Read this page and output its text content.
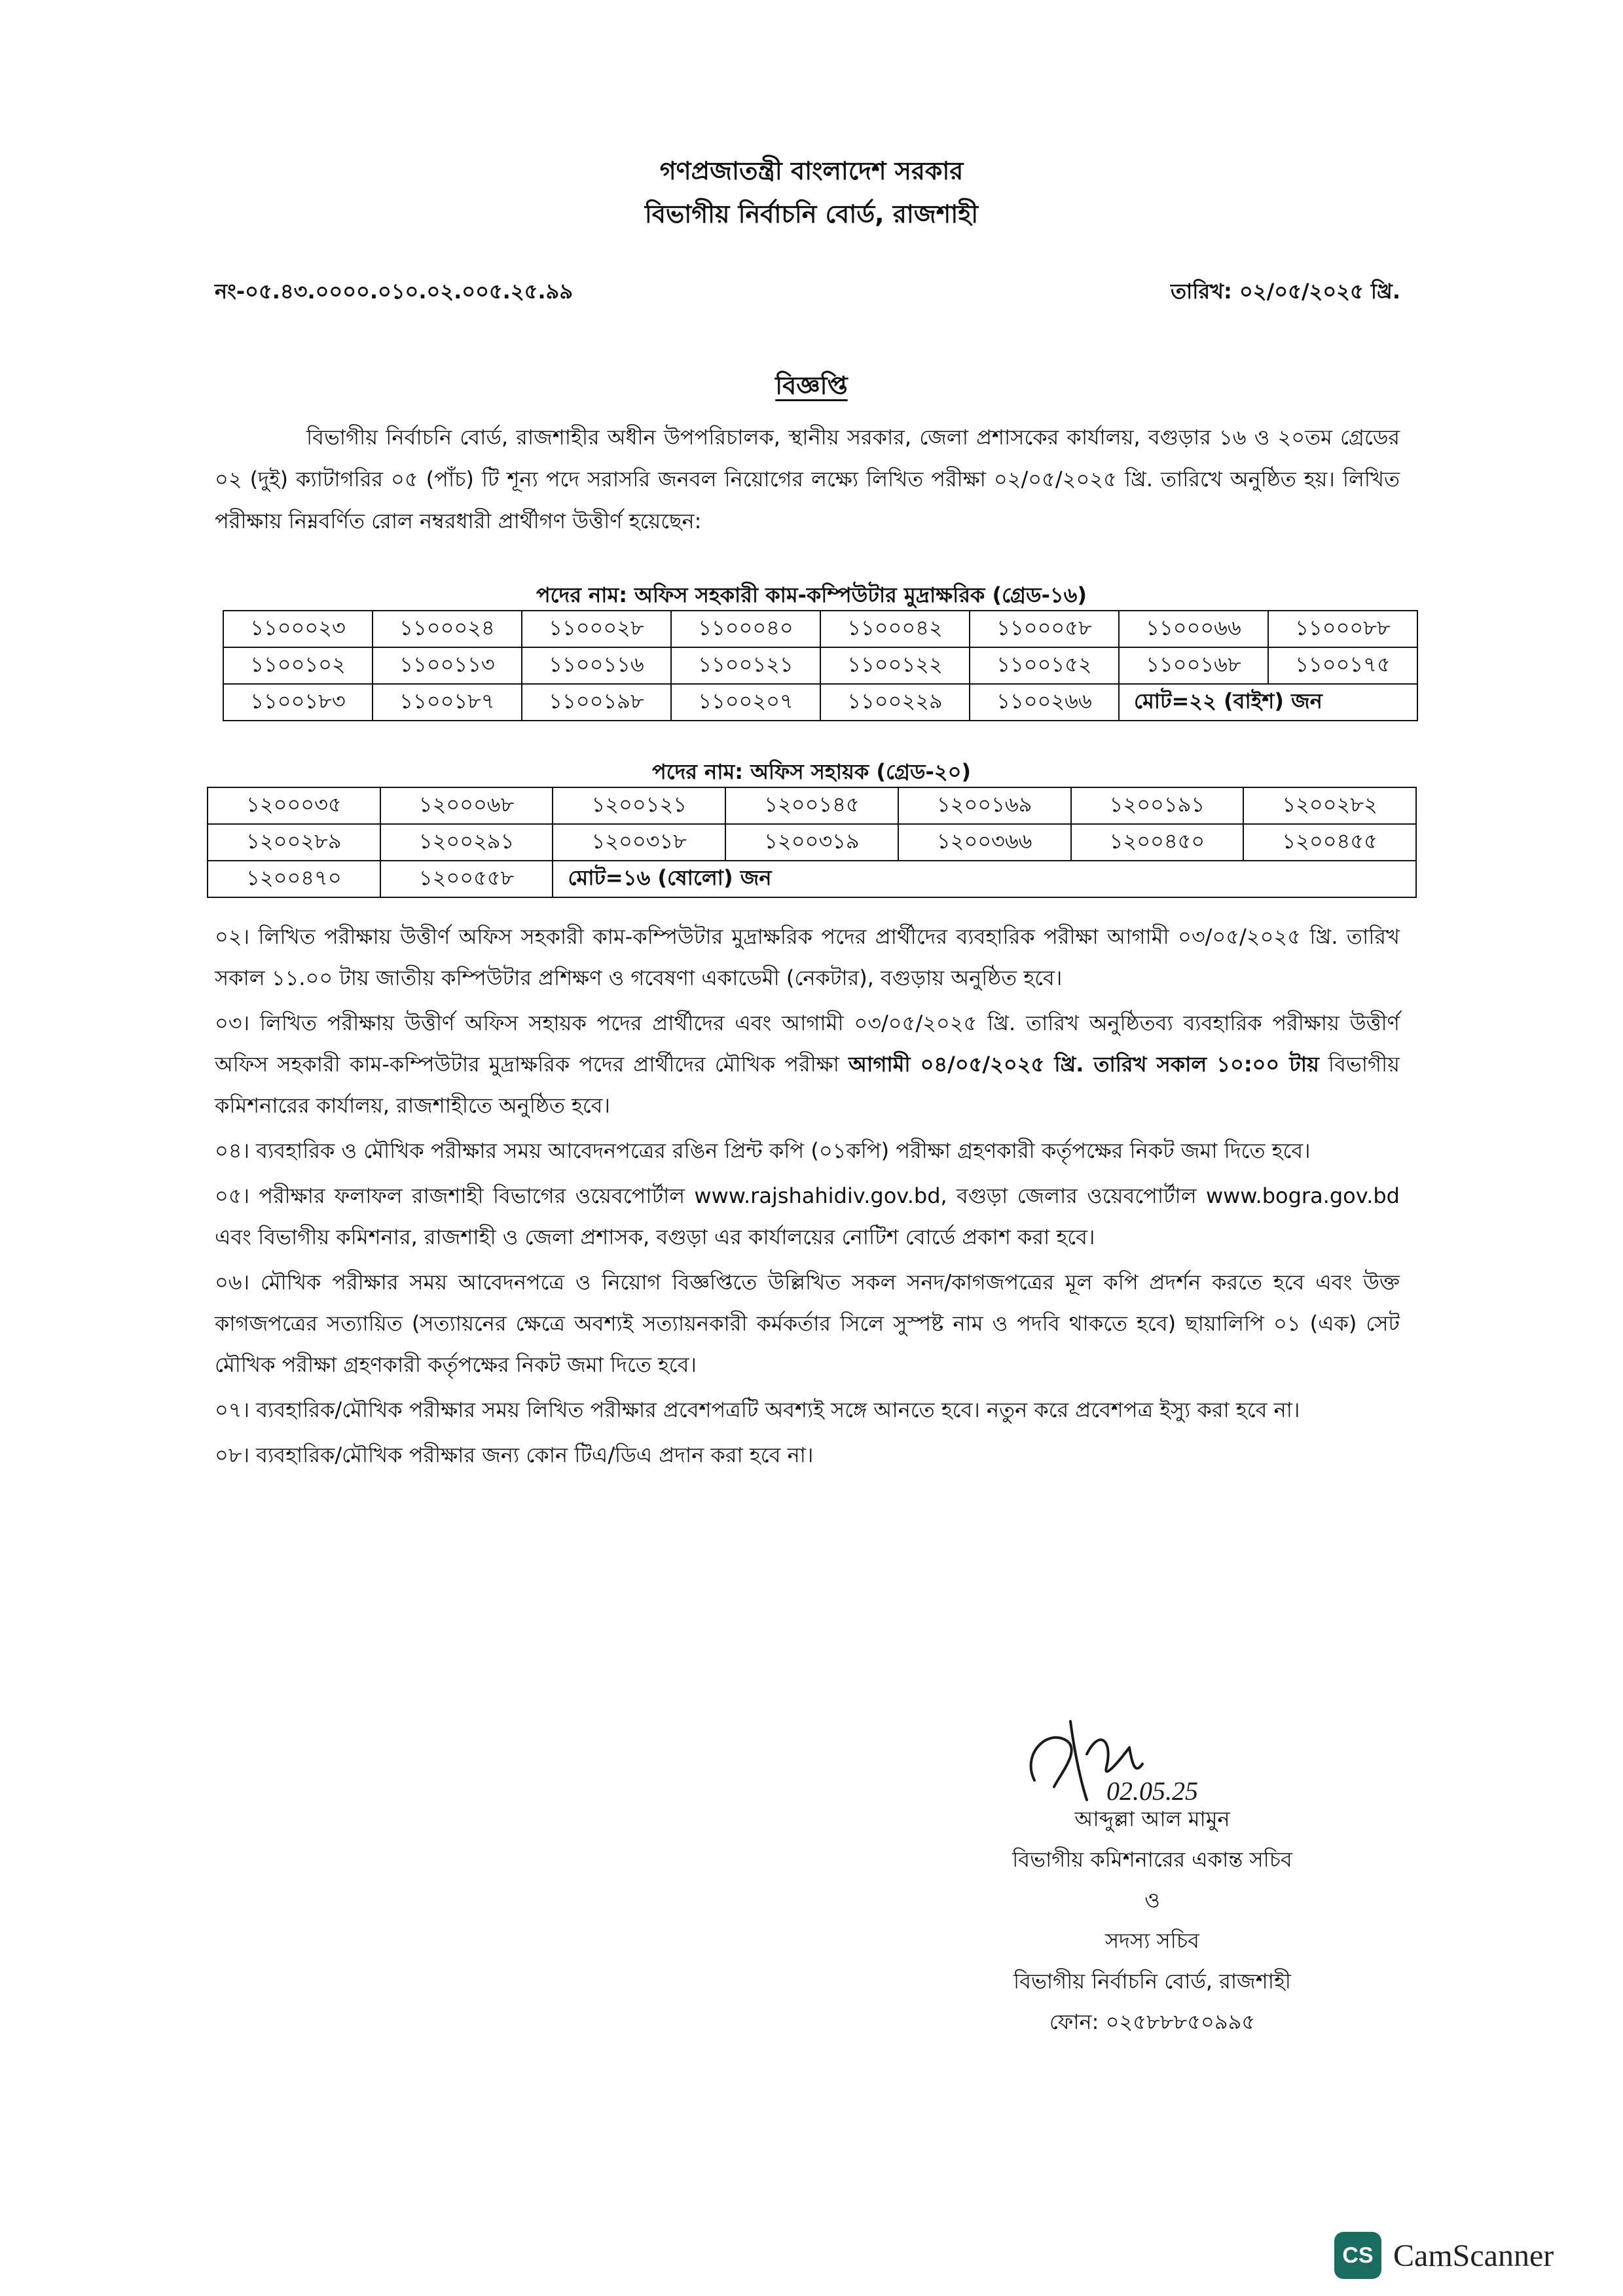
গণপ্রজাতন্ত্রী বাংলাদেশ সরকার
বিভাগীয় নির্বাচনি বোর্ড, রাজশাহী
নং-০৫.৪৩.০০০০.০১০.০২.০০৫.২৫.৯৯	তারিখ: ০২/০৫/২০২৫ খ্রি.
বিজ্ঞপ্তি
বিভাগীয় নির্বাচনি বোর্ড, রাজশাহীর অধীন উপপরিচালক, স্থানীয় সরকার, জেলা প্রশাসকের কার্যালয়, বগুড়ার ১৬ ও ২০তম গ্রেডের ০২ (দুই) ক্যাটাগরির ০৫ (পাঁচ) টি শূন্য পদে সরাসরি জনবল নিয়োগের লক্ষ্যে লিখিত পরীক্ষা ০২/০৫/২০২৫ খ্রি. তারিখে অনুষ্ঠিত হয়। লিখিত পরীক্ষায় নিম্নবর্ণিত রোল নম্বরধারী প্রার্থীগণ উত্তীর্ণ হয়েছেন:
পদের নাম: অফিস সহকারী কাম-কম্পিউটার মুদ্রাক্ষরিক (গ্রেড-১৬)
১১০০০২৩	১১০০০২৪	১১০০০২৮	১১০০০৪০	১১০০০৪২	১১০০০৫৮	১১০০০৬৬	১১০০০৮৮
১১০০১০২	১১০০১১৩	১১০০১১৬	১১০০১২১	১১০০১২২	১১০০১৫২	১১০০১৬৮	১১০০১৭৫
১১০০১৮৩	১১০০১৮৭	১১০০১৯৮	১১০০২০৭	১১০০২২৯	১১০০২৬৬	মোট=২২ (বাইশ) জন	
পদের নাম: অফিস সহায়ক (গ্রেড-২০)
১২০০০৩৫	১২০০০৬৮	১২০০১২১	১২০০১৪৫	১২০০১৬৯	১২০০১৯১	১২০০২৮২
১২০০২৮৯	১২০০২৯১	১২০০৩১৮	১২০০৩১৯	১২০০৩৬৬	১২০০৪৫০	১২০০৪৫৫
১২০০৪৭০	১২০০৫৫৮	মোট=১৬ (ষোলো) জন				

০২। লিখিত পরীক্ষায় উত্তীর্ণ অফিস সহকারী কাম-কম্পিউটার মুদ্রাক্ষরিক পদের প্রার্থীদের ব্যবহারিক পরীক্ষা আগামী ০৩/০৫/২০২৫ খ্রি. তারিখ সকাল ১১.০০ টায় জাতীয় কম্পিউটার প্রশিক্ষণ ও গবেষণা একাডেমী (নেকটার), বগুড়ায় অনুষ্ঠিত হবে।

০৩। লিখিত পরীক্ষায় উত্তীর্ণ অফিস সহায়ক পদের প্রার্থীদের এবং আগামী ০৩/০৫/২০২৫ খ্রি. তারিখ অনুষ্ঠিতব্য ব্যবহারিক পরীক্ষায় উত্তীর্ণ অফিস সহকারী কাম-কম্পিউটার মুদ্রাক্ষরিক পদের প্রার্থীদের মৌখিক পরীক্ষা আগামী ০৪/০৫/২০২৫ খ্রি. তারিখ সকাল ১০:০০ টায় বিভাগীয় কমিশনারের কার্যালয়, রাজশাহীতে অনুষ্ঠিত হবে।

০৪। ব্যবহারিক ও মৌখিক পরীক্ষার সময় আবেদনপত্রের রঙিন প্রিন্ট কপি (০১কপি) পরীক্ষা গ্রহণকারী কর্তৃপক্ষের নিকট জমা দিতে হবে।

০৫। পরীক্ষার ফলাফল রাজশাহী বিভাগের ওয়েবপোর্টাল www.rajshahidiv.gov.bd, বগুড়া জেলার ওয়েবপোর্টাল www.bogra.gov.bd এবং বিভাগীয় কমিশনার, রাজশাহী ও জেলা প্রশাসক, বগুড়া এর কার্যালয়ের নোটিশ বোর্ডে প্রকাশ করা হবে।

০৬। মৌখিক পরীক্ষার সময় আবেদনপত্রে ও নিয়োগ বিজ্ঞপ্তিতে উল্লিখিত সকল সনদ/কাগজপত্রের মূল কপি প্রদর্শন করতে হবে এবং উক্ত কাগজপত্রের সত্যায়িত (সত্যায়নের ক্ষেত্রে অবশ্যই সত্যায়নকারী কর্মকর্তার সিলে সুস্পষ্ট নাম ও পদবি থাকতে হবে) ছায়ালিপি ০১ (এক) সেট মৌখিক পরীক্ষা গ্রহণকারী কর্তৃপক্ষের নিকট জমা দিতে হবে।

০৭। ব্যবহারিক/মৌখিক পরীক্ষার সময় লিখিত পরীক্ষার প্রবেশপত্রটি অবশ্যই সঙ্গে আনতে হবে। নতুন করে প্রবেশপত্র ইস্যু করা হবে না।

০৮। ব্যবহারিক/মৌখিক পরীক্ষার জন্য কোন টিএ/ডিএ প্রদান করা হবে না।

02.05.25
আব্দুল্লা আল মামুন
বিভাগীয় কমিশনারের একান্ত সচিব
ও
সদস্য সচিব
বিভাগীয় নির্বাচনি বোর্ড, রাজশাহী
ফোন: ০২৫৮৮৮৫০৯৯৫
CS CamScanner
